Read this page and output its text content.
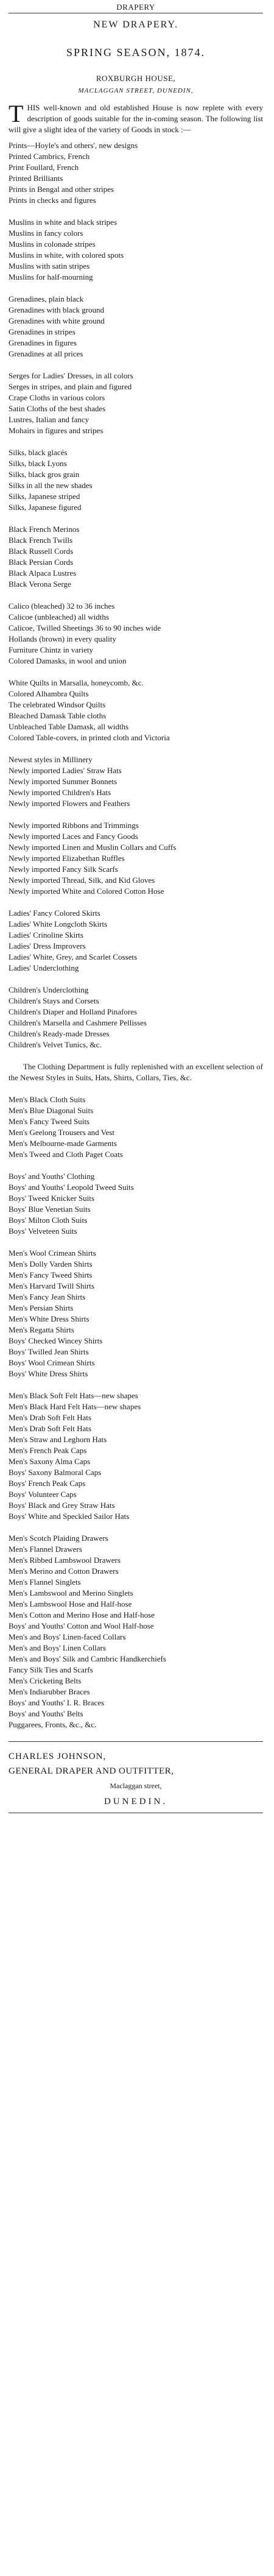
DRAPERY
NEW DRAPERY.
SPRING SEASON, 1874.
ROXBURGH HOUSE,
MACLAGGAN STREET, DUNEDIN,

T HIS well-known and old established House is now replete with every description of goods suitable for the in-coming season. The following list will give a slight idea of the variety of Goods in stock :—

Prints—Hoyle's and others', new designs

Printed Cambrics, French

Print Foullard, French

Printed Brilliants

Prints in Bengal and other stripes

Prints in checks and figures

Muslins in white and black stripes

Muslins in fancy colors

Muslins in colonade stripes

Muslins in white, with colored spots

Muslins with satin stripes

Muslins for half-mourning

Grenadines, plain black

Grenadines with black ground

Grenadines with white ground

Grenadines in stripes

Grenadines in figures

Grenadines at all prices

Serges for Ladies' Dresses, in all colors

Serges in stripes, and plain and figured

Crape Cloths in various colors

Satin Cloths of the best shades

Lustres, Italian and fancy

Mohairs in figures and stripes

Silks, black glacés

Silks, black Lyons

Silks, black gros grain

Silks in all the new shades

Silks, Japanese striped

Silks, Japanese figured

Black French Merinos

Black French Twills

Black Russell Cords

Black Persian Cords

Black Alpaca Lustres

Black Verona Serge

Calico (bleached) 32 to 36 inches

Calicoe (unbleached) all widths

Calicoe, Twilled Sheetings 36 to 90 inches wide

Hollands (brown) in every quality

Furniture Chintz in variety

Colored Damasks, in wool and union

White Quilts in Marsalla, honeycomb, &c.

Colored Alhambra Quilts

The celebrated Windsor Quilts

Bleached Damask Table cloths

Unbleached Table Damask, all widths

Colored Table-covers, in printed cloth and Victoria

Newest styles in Millinery

Newly imported Ladies' Straw Hats

Newly imported Summer Bonnets

Newly imported Children's Hats

Newly imported Flowers and Feathers

Newly imported Ribbons and Trimmings

Newly imported Laces and Fancy Goods

Newly imported Linen and Muslin Collars and Cuffs

Newly imported Elizabethan Ruffles

Newly imported Fancy Silk Scarfs

Newly imported Thread, Silk, and Kid Gloves

Newly imported White and Colored Cotton Hose

Ladies' Fancy Colored Skirts

Ladies' White Longcloth Skirts

Ladies' Crinoline Skirts

Ladies' Dress Improvers

Ladies' White, Grey, and Scarlet Cossets

Ladies' Underclothing

Children's Underclothing

Children's Stays and Corsets

Children's Diaper and Holland Pinafores

Children's Marsella and Cashmere Pellisses

Children's Ready-made Dresses

Children's Velvet Tunics, &c.

The Clothing Department is fully replenished with an excellent selection of the Newest Styles in Suits, Hats, Shirts, Collars, Ties, &c.

Men's Black Cloth Suits

Men's Blue Diagonal Suits

Men's Fancy Tweed Suits

Men's Geelong Trousers and Vest

Men's Melbourne-made Garments

Men's Tweed and Cloth Paget Coats

Boys' and Youths' Clothing

Boys' and Youths' Leopold Tweed Suits

Boys' Tweed Knicker Suits

Boys' Blue Venetian Suits

Boys' Milton Cloth Suits

Boys' Velveteen Suits

Men's Wool Crimean Shirts

Men's Dolly Varden Shirts

Men's Fancy Tweed Shirts

Men's Harvard Twill Shirts

Men's Fancy Jean Shirts

Men's Persian Shirts

Men's White Dress Shirts

Men's Regatta Shirts

Boys' Checked Wincey Shirts

Boys' Twilled Jean Shirts

Boys' Wool Crimean Shirts

Boys' White Dress Shirts

Men's Black Soft Felt Hats—new shapes

Men's Black Hard Felt Hats—new shapes

Men's Drab Soft Felt Hats

Men's Drab Soft Felt Hats

Men's Straw and Leghorn Hats

Men's French Peak Caps

Men's Saxony Alma Caps

Boys' Saxony Balmoral Caps

Boys' French Peak Caps

Boys' Volunteer Caps

Boys' Black and Grey Straw Hats

Boys' White and Speckled Sailor Hats

Men's Scotch Plaiding Drawers

Men's Flannel Drawers

Men's Ribbed Lambswool Drawers

Men's Merino and Cotton Drawers

Men's Flannel Singlets

Men's Lambswool and Merino Singlets

Men's Lambswool Hose and Half-hose

Men's Cotton and Merino Hose and Half-hose

Boys' and Youths' Cotton and Wool Half-hose

Men's and Boys' Linen-faced Collars

Men's and Boys' Linen Collars

Men's and Boys' Silk and Cambric Handkerchiefs

Fancy Silk Ties and Scarfs

Men's Cricketing Belts

Men's Indiarubber Braces

Boys' and Youths' I. R. Braces

Boys' and Youths' Belts

Puggarees, Fronts, &c., &c.

CHARLES JOHNSON,
GENERAL DRAPER AND OUTFITTER,
Maclaggan street,
DUNEDIN.
